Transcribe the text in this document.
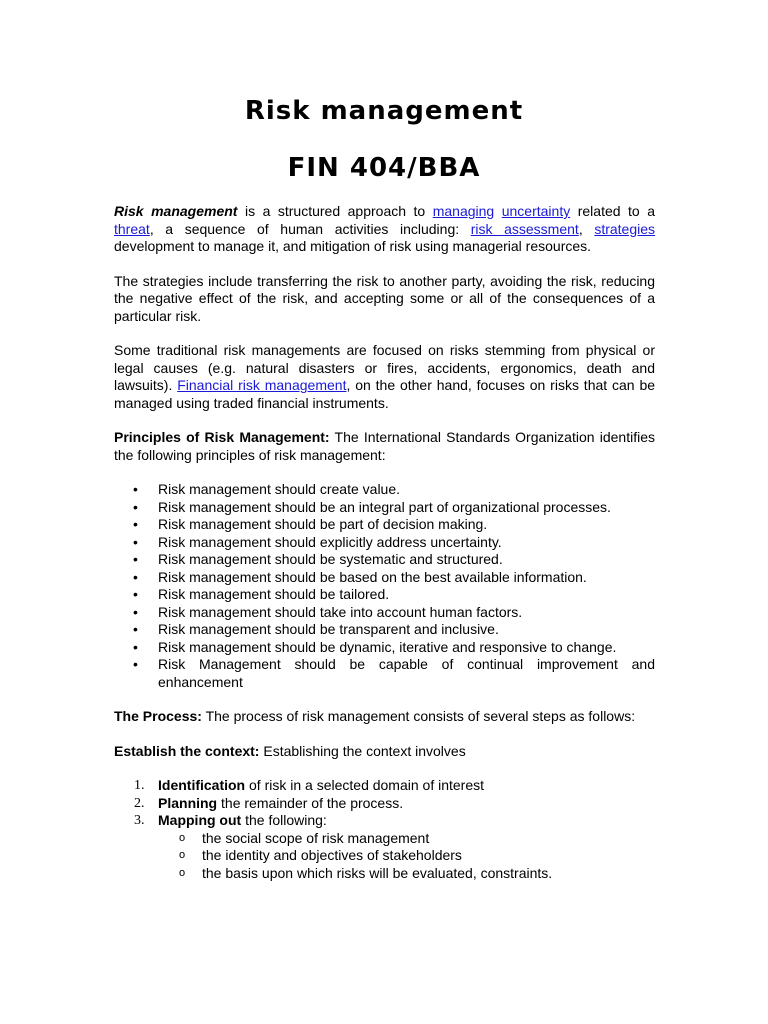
Risk management
FIN 404/BBA

Risk management is a structured approach to managing uncertainty related to a threat, a sequence of human activities including: risk assessment, strategies development to manage it, and mitigation of risk using managerial resources.

The strategies include transferring the risk to another party, avoiding the risk, reducing the negative effect of the risk, and accepting some or all of the consequences of a particular risk.

Some traditional risk managements are focused on risks stemming from physical or legal causes (e.g. natural disasters or fires, accidents, ergonomics, death and lawsuits). Financial risk management, on the other hand, focuses on risks that can be managed using traded financial instruments.

Principles of Risk Management: The International Standards Organization identifies the following principles of risk management:

• Risk management should create value.
• Risk management should be an integral part of organizational processes.
• Risk management should be part of decision making.
• Risk management should explicitly address uncertainty.
• Risk management should be systematic and structured.
• Risk management should be based on the best available information.
• Risk management should be tailored.
• Risk management should take into account human factors.
• Risk management should be transparent and inclusive.
• Risk management should be dynamic, iterative and responsive to change.
• Risk Management should be capable of continual improvement and enhancement

The Process: The process of risk management consists of several steps as follows:

Establish the context: Establishing the context involves

1. Identification of risk in a selected domain of interest
2. Planning the remainder of the process.
3. Mapping out the following:
o the social scope of risk management
o the identity and objectives of stakeholders
o the basis upon which risks will be evaluated, constraints.
